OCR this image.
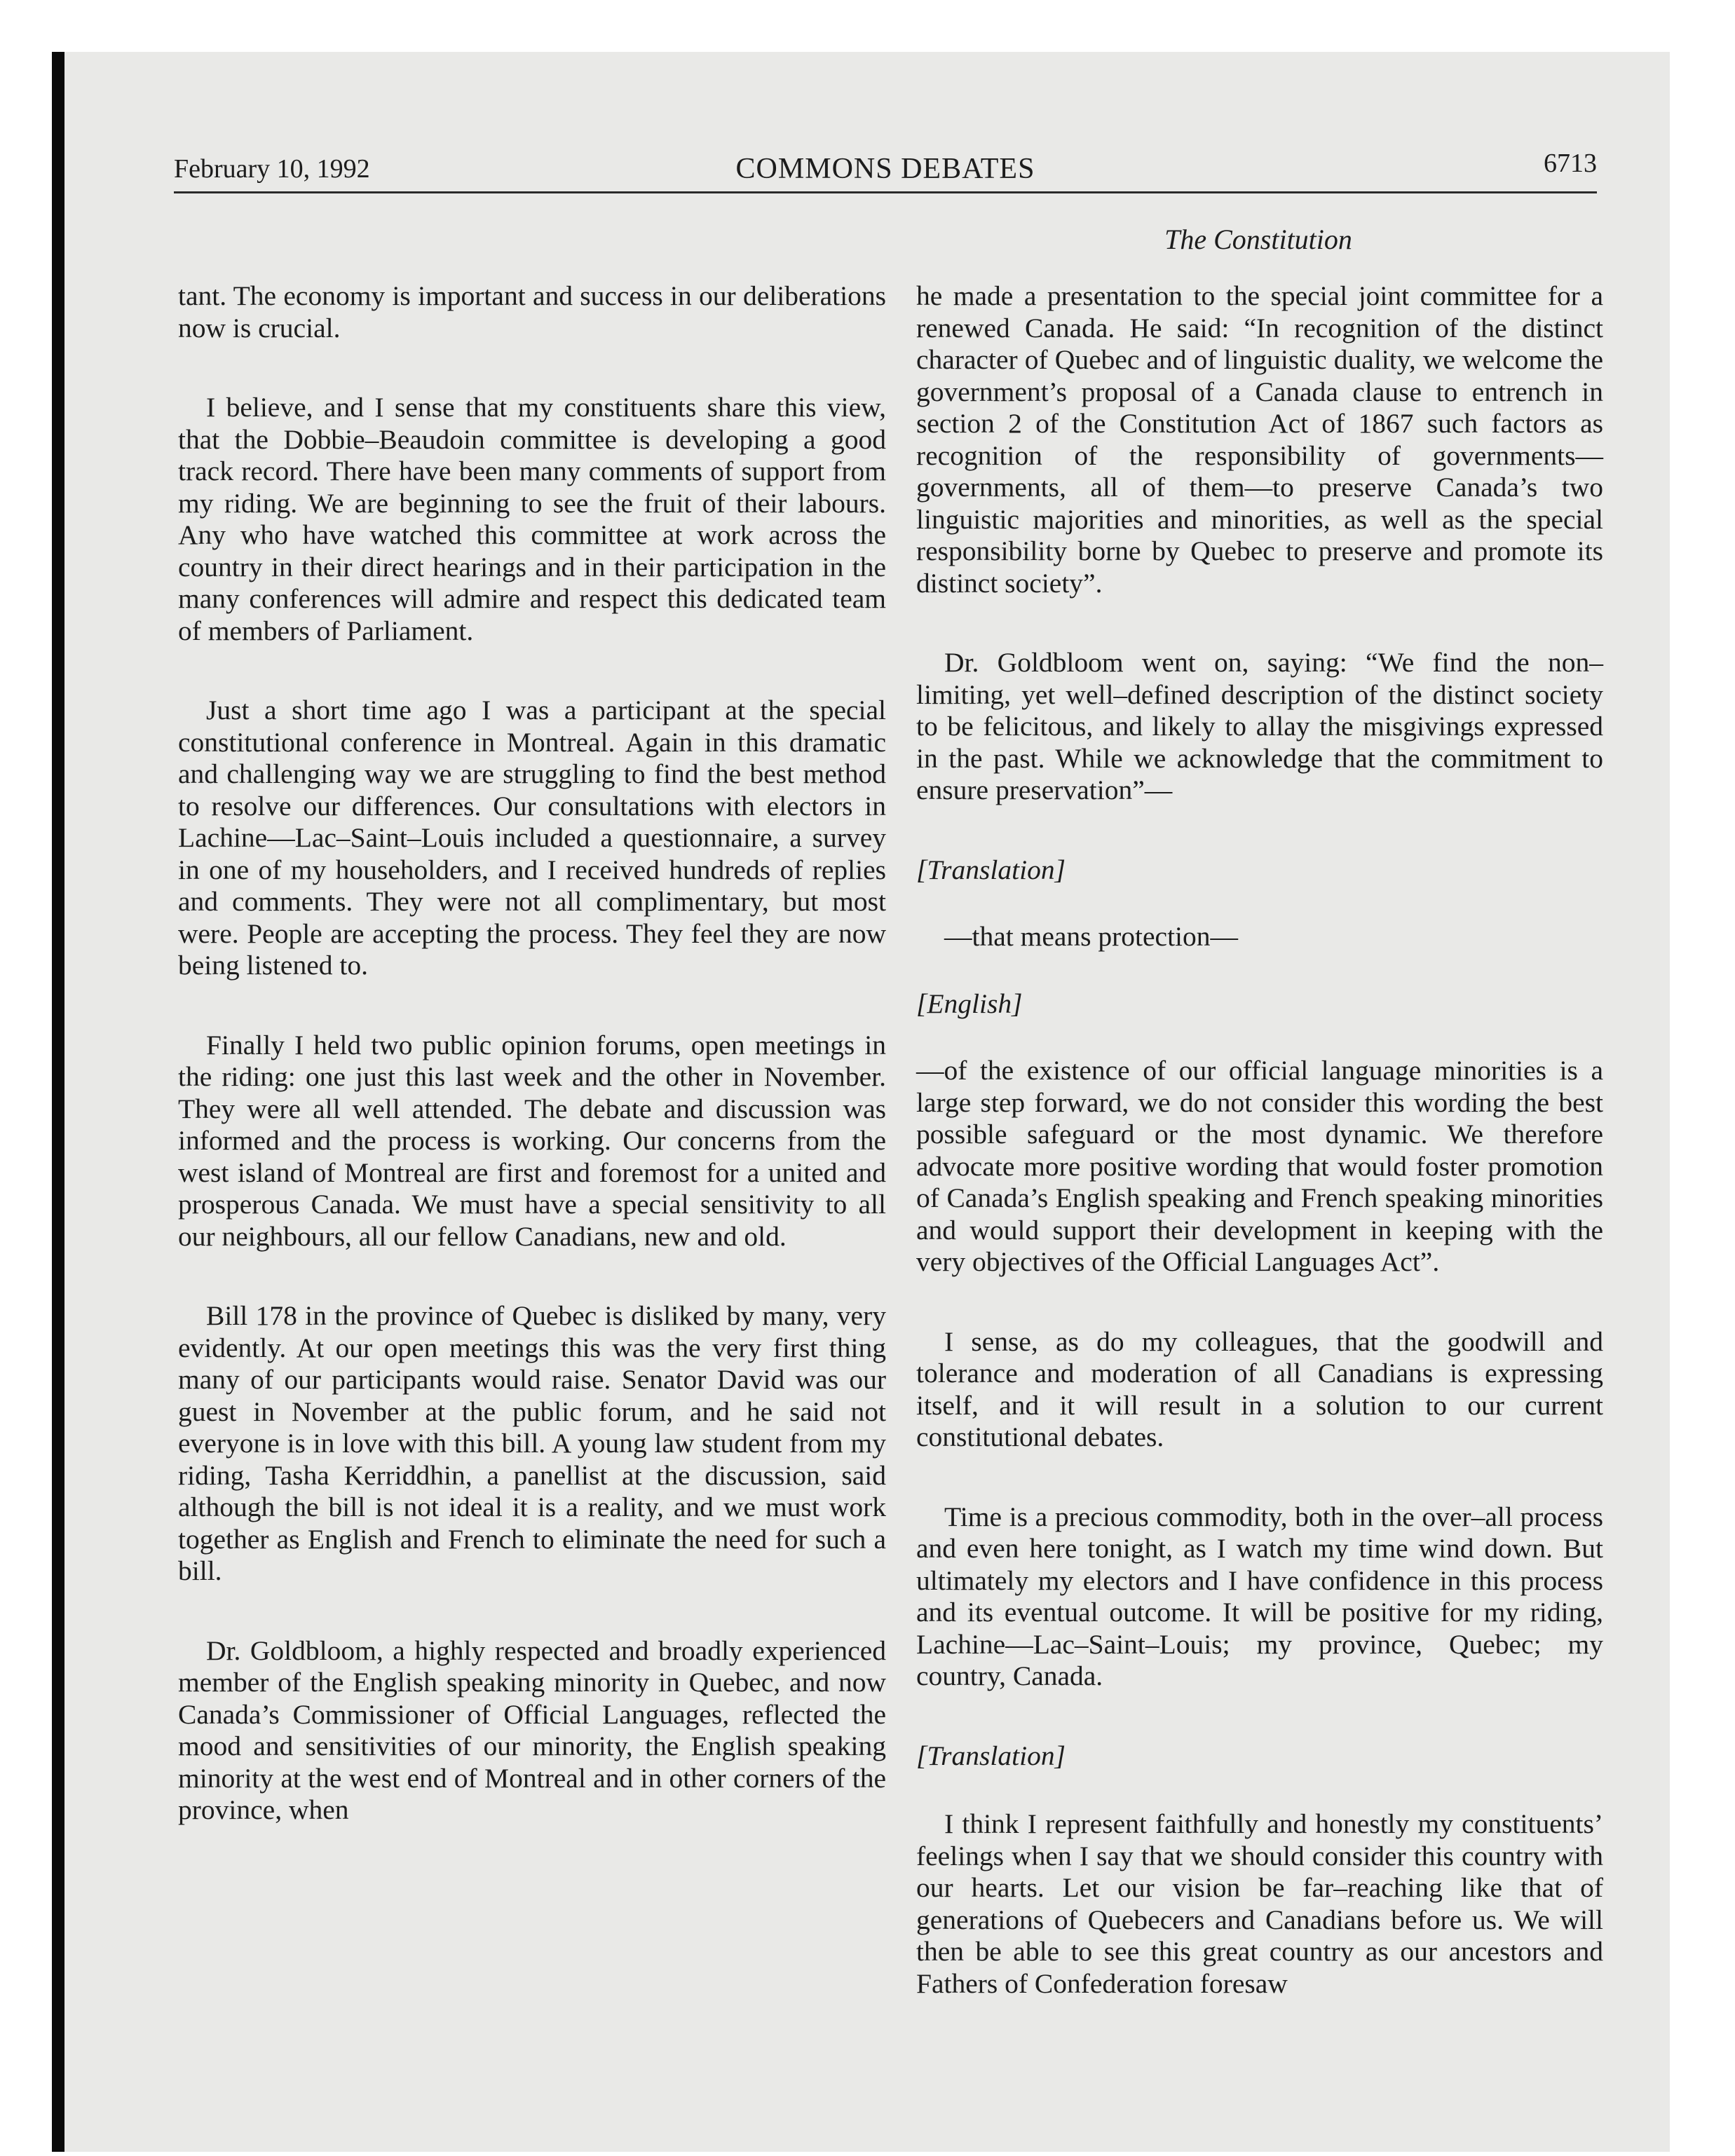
February 10, 1992	COMMONS DEBATES	6713
The Constitution

tant. The economy is important and success in our deliberations now is crucial.

I believe, and I sense that my constituents share this view, that the Dobbie–Beaudoin committee is developing a good track record. There have been many comments of support from my riding. We are beginning to see the fruit of their labours. Any who have watched this committee at work across the country in their direct hearings and in their participation in the many conferences will admire and respect this dedicated team of members of Parliament.

Just a short time ago I was a participant at the special constitutional conference in Montreal. Again in this dramatic and challenging way we are struggling to find the best method to resolve our differences. Our consultations with electors in Lachine—Lac–Saint–Louis included a questionnaire, a survey in one of my householders, and I received hundreds of replies and comments. They were not all complimentary, but most were. People are accepting the process. They feel they are now being listened to.

Finally I held two public opinion forums, open meetings in the riding: one just this last week and the other in November. They were all well attended. The debate and discussion was informed and the process is working. Our concerns from the west island of Montreal are first and foremost for a united and prosperous Canada. We must have a special sensitivity to all our neighbours, all our fellow Canadians, new and old.

Bill 178 in the province of Quebec is disliked by many, very evidently. At our open meetings this was the very first thing many of our participants would raise. Senator David was our guest in November at the public forum, and he said not everyone is in love with this bill. A young law student from my riding, Tasha Kerriddhin, a panellist at the discussion, said although the bill is not ideal it is a reality, and we must work together as English and French to eliminate the need for such a bill.

Dr. Goldbloom, a highly respected and broadly experienced member of the English speaking minority in Quebec, and now Canada’s Commissioner of Official Languages, reflected the mood and sensitivities of our minority, the English speaking minority at the west end of Montreal and in other corners of the province, when

he made a presentation to the special joint committee for a renewed Canada. He said: “In recognition of the distinct character of Quebec and of linguistic duality, we welcome the government’s proposal of a Canada clause to entrench in section 2 of the Constitution Act of 1867 such factors as recognition of the responsibility of governments—governments, all of them—to preserve Canada’s two linguistic majorities and minorities, as well as the special responsibility borne by Quebec to preserve and promote its distinct society”.

Dr. Goldbloom went on, saying: “We find the non–limiting, yet well–defined description of the distinct society to be felicitous, and likely to allay the misgivings expressed in the past. While we acknowledge that the commitment to ensure preservation”—

[Translation]

—that means protection—

[English]

—of the existence of our official language minorities is a large step forward, we do not consider this wording the best possible safeguard or the most dynamic. We therefore advocate more positive wording that would foster promotion of Canada’s English speaking and French speaking minorities and would support their development in keeping with the very objectives of the Official Languages Act”.

I sense, as do my colleagues, that the goodwill and tolerance and moderation of all Canadians is expressing itself, and it will result in a solution to our current constitutional debates.

Time is a precious commodity, both in the over–all process and even here tonight, as I watch my time wind down. But ultimately my electors and I have confidence in this process and its eventual outcome. It will be positive for my riding, Lachine—Lac–Saint–Louis; my province, Quebec; my country, Canada.

[Translation]

I think I represent faithfully and honestly my constituents’ feelings when I say that we should consider this country with our hearts. Let our vision be far–reaching like that of generations of Quebecers and Canadians before us. We will then be able to see this great country as our ancestors and Fathers of Confederation foresaw
